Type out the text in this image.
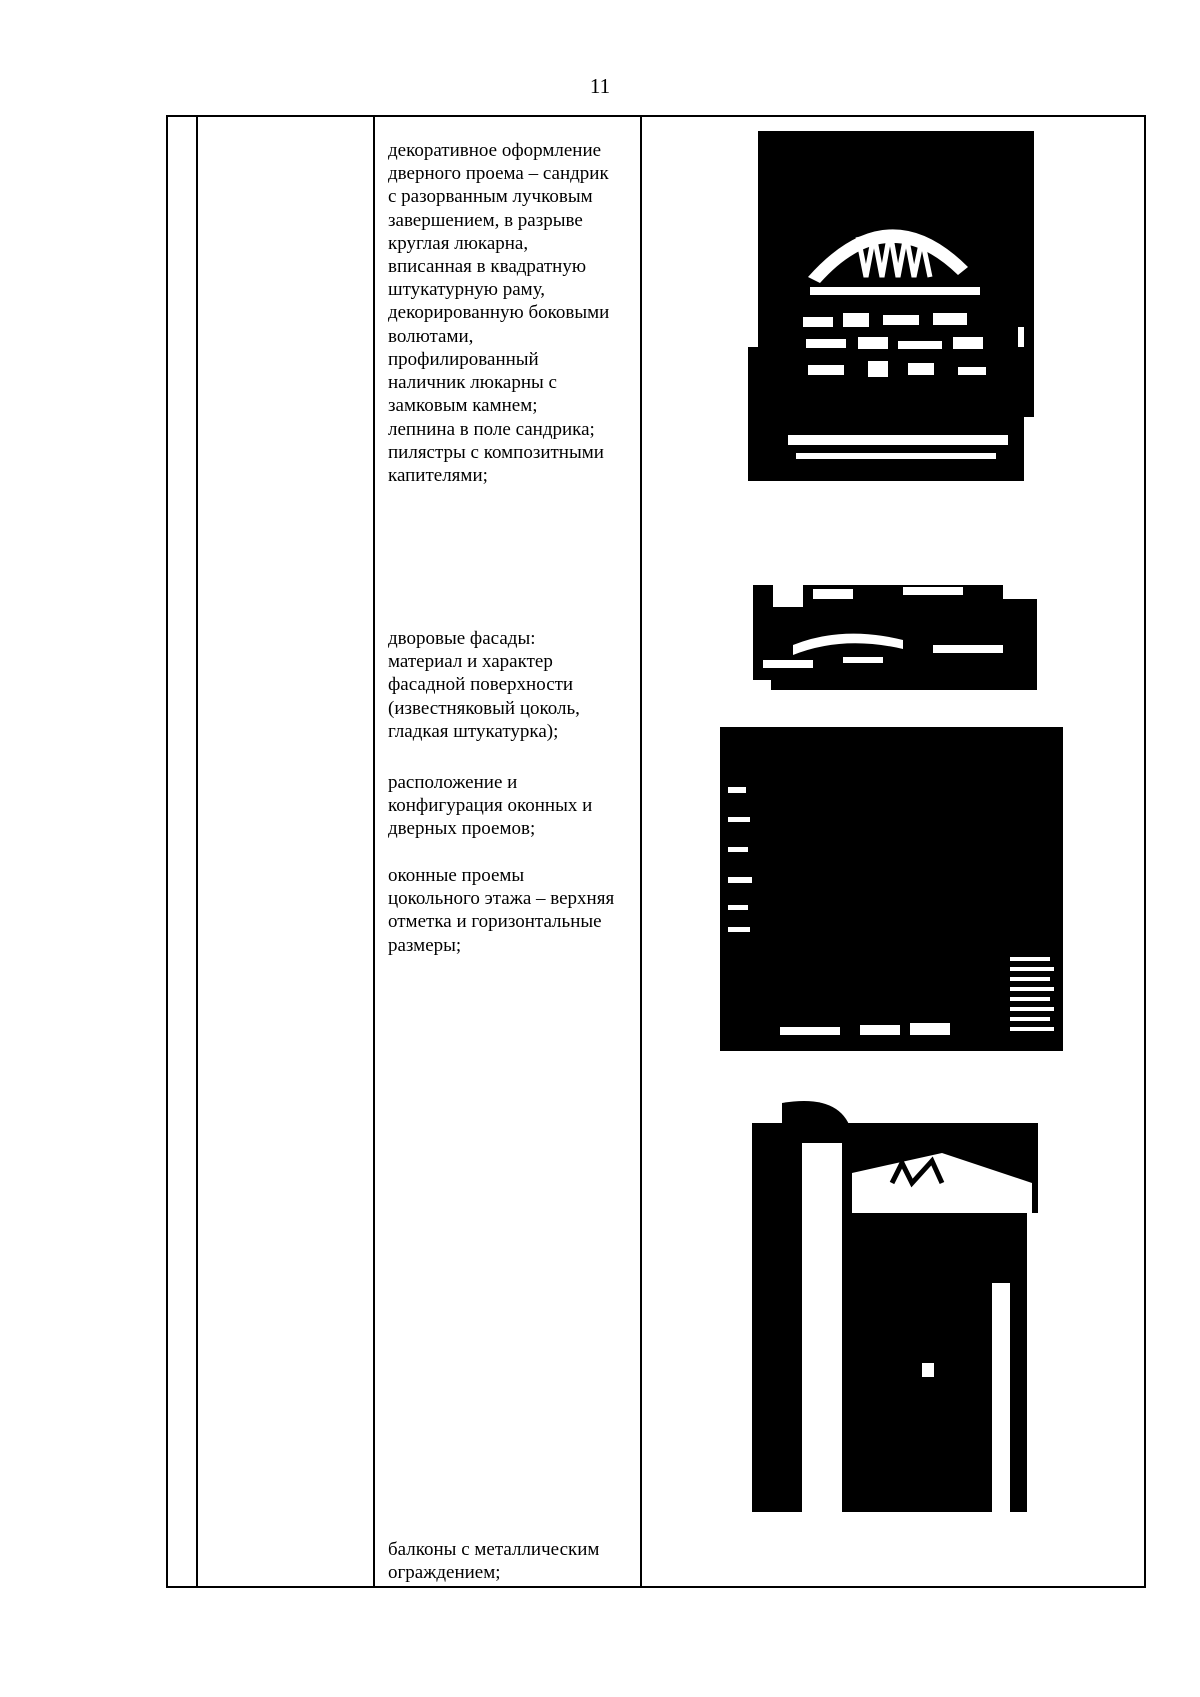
11

декоративное оформление

дверного проема – сандрик

с разорванным лучковым

завершением, в разрыве

круглая люкарна,

вписанная в квадратную

штукатурную раму,

декорированную боковыми

волютами,

профилированный

наличник люкарны с

замковым камнем;

лепнина в поле сандрика;

пилястры с композитными

капителями;

дворовые фасады:

материал и характер

фасадной поверхности

(известняковый цоколь,

гладкая штукатурка);

расположение и

конфигурация оконных и

дверных проемов;

оконные проемы

цокольного этажа – верхняя

отметка и горизонтальные

размеры;

балконы с металлическим

ограждением;
